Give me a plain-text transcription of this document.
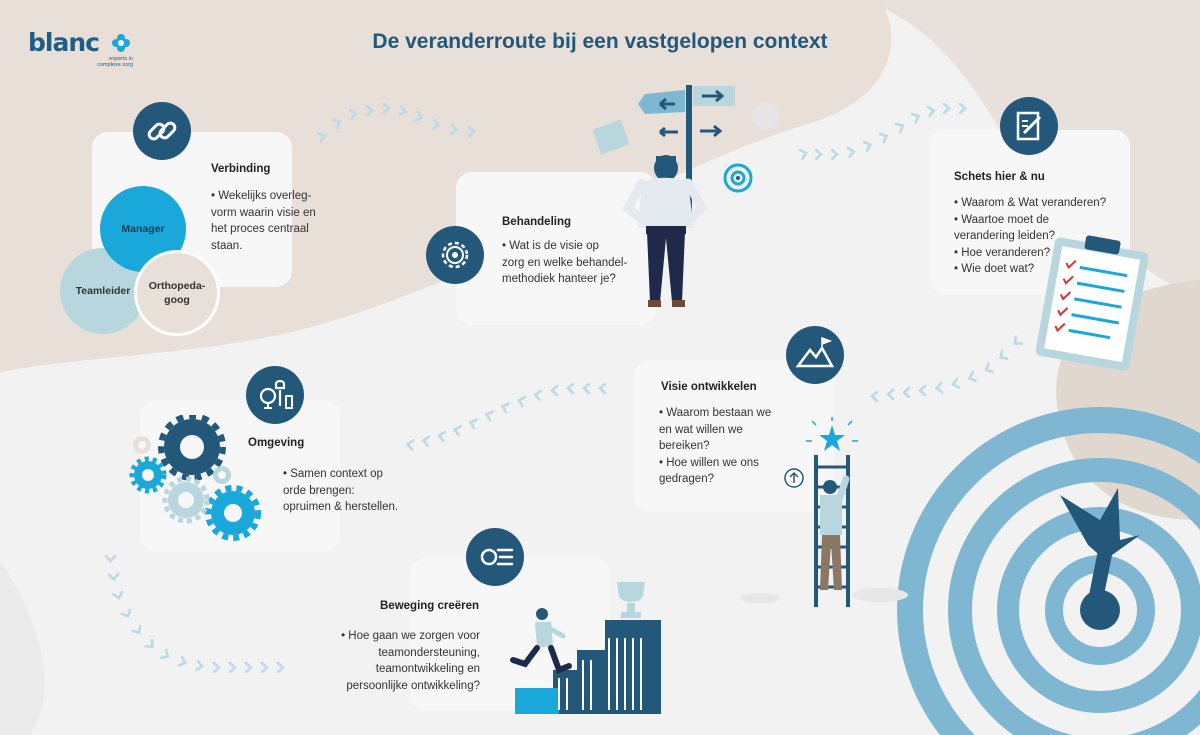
blanc
experts in
complexe zorg
De veranderroute bij een vastgelopen context
Verbinding
• Wekelijks overleg-
vorm waarin visie en
het proces centraal
staan.
Teamleider
Manager
Orthopeda-
goog
Behandeling
• Wat is de visie op
zorg en welke behandel-
methodiek hanteer je?
Schets hier & nu
• Waarom & Wat veranderen?
• Waartoe moet de
verandering leiden?
• Hoe veranderen?
• Wie doet wat?
Visie ontwikkelen
• Waarom bestaan we
en wat willen we
bereiken?
• Hoe willen we ons
gedragen?
Omgeving
• Samen context op
orde brengen:
opruimen & herstellen.
Beweging creëren
• Hoe gaan we zorgen voor
teamondersteuning,
teamontwikkeling en
persoonlijke ontwikkeling?
